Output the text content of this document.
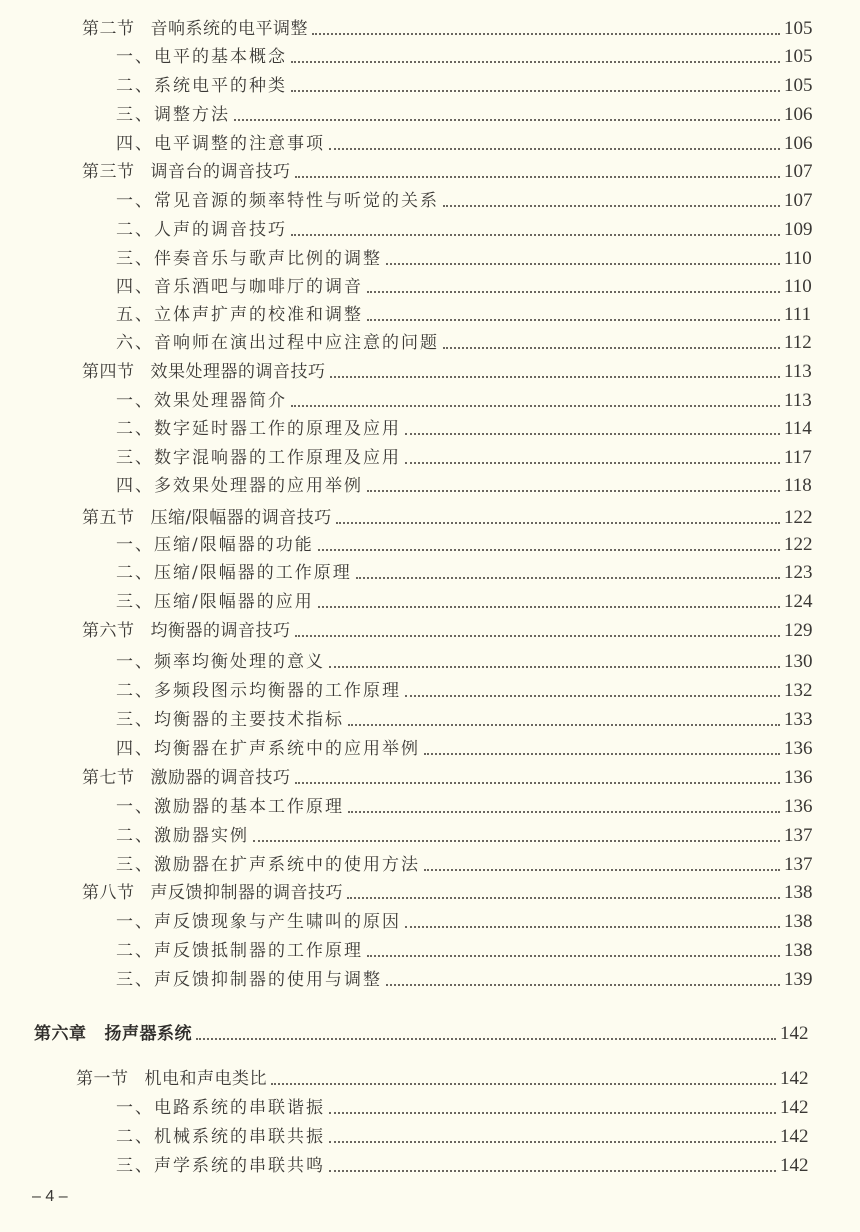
第二节 音响系统的电平调整	105
一、 电平的基本概念	105
二、 系统电平的种类	105
三、 调整方法	106
四、 电平调整的注意事项	106
第三节 调音台的调音技巧	107
一、 常见音源的频率特性与听觉的关系	107
二、 人声的调音技巧	109
三、 伴奏音乐与歌声比例的调整	110
四、 音乐酒吧与咖啡厅的调音	110
五、 立体声扩声的校准和调整	111
六、 音响师在演出过程中应注意的问题	112
第四节 效果处理器的调音技巧	113
一、 效果处理器简介	113
二、 数字延时器工作的原理及应用	114
三、 数字混响器的工作原理及应用	117
四、 多效果处理器的应用举例	118
第五节 压缩/限幅器的调音技巧	122
一、 压缩/限幅器的功能	122
二、 压缩/限幅器的工作原理	123
三、 压缩/限幅器的应用	124
第六节 均衡器的调音技巧	129
一、 频率均衡处理的意义	130
二、 多频段图示均衡器的工作原理	132
三、 均衡器的主要技术指标	133
四、 均衡器在扩声系统中的应用举例	136
第七节 激励器的调音技巧	136
一、 激励器的基本工作原理	136
二、 激励器实例	137
三、 激励器在扩声系统中的使用方法	137
第八节 声反馈抑制器的调音技巧	138
一、 声反馈现象与产生啸叫的原因	138
二、 声反馈抵制器的工作原理	138
三、 声反馈抑制器的使用与调整	139
第六章 扬声器系统	142
第一节 机电和声电类比	142
一、 电路系统的串联谐振	142
二、 机械系统的串联共振	142
三、 声学系统的串联共鸣	142
– 4 –
